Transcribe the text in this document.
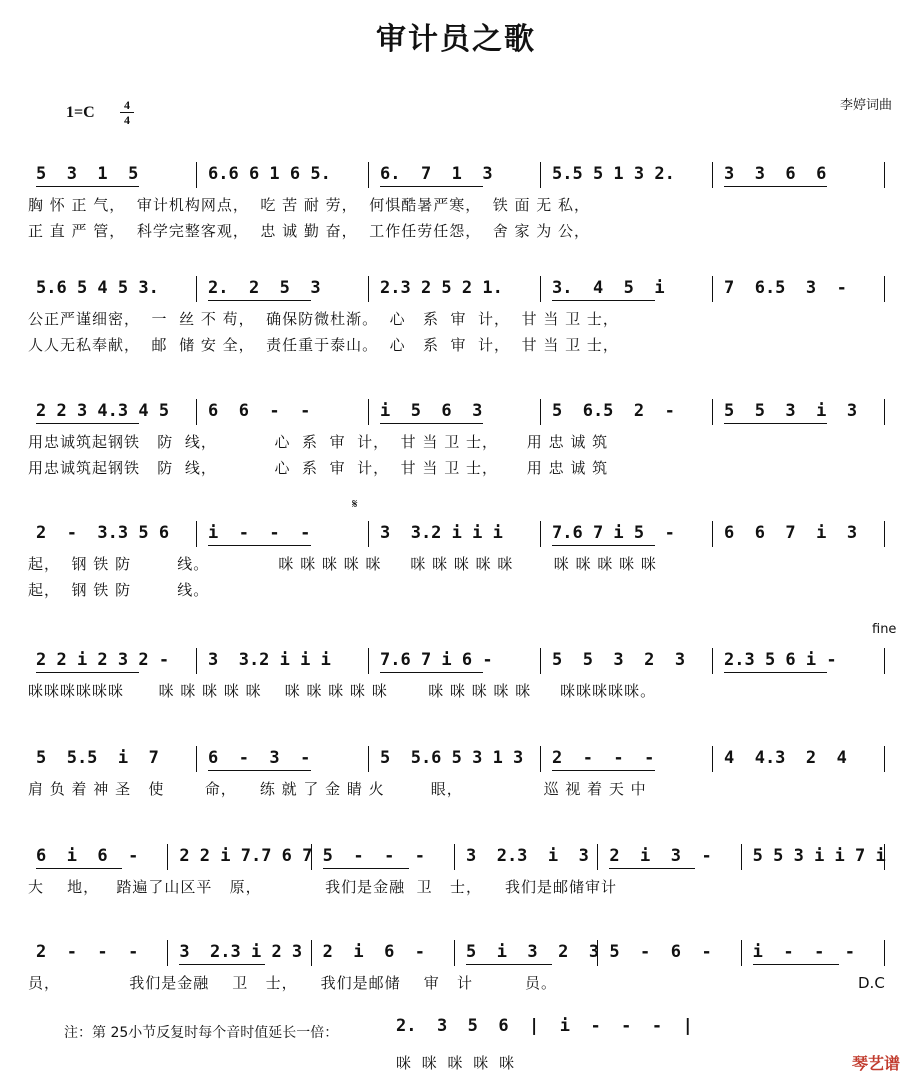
审计员之歌
1=C	4
4
李婷词曲
𝄋
fine
D.C
5  3  1  5	6.6 6 1 6 5.	6.  7  1  3	5.5 5 1 3 2.	3  3  6  6
胸 怀 正 气，  审计机构网点，  吃 苦 耐 劳，  何惧酷暑严寒，  铁 面 无 私，
正 直 严 管，  科学完整客观，  忠 诚 勤 奋，  工作任劳任怨，  舍 家 为 公，
5.6 5 4 5 3.	2.  2  5  3	2.3 2 5 2 1.	3.  4  5  i	7  6.5  3  -
公正严谨细密，  一  丝 不 苟，  确保防微杜渐。  心   系  审  计，  甘 当 卫 士，
人人无私奉献，  邮  储 安 全，  责任重于泰山。  心   系  审  计，  甘 当 卫 士，
2 2 3 4.3 4 5 6  6  -  -	i  5  6  3	5  6.5  2  -	5  5  3  i  3
用忠诚筑起钢铁   防  线，          心  系  审  计，  甘 当 卫 士，     用 忠 诚 筑
用忠诚筑起钢铁   防  线，          心  系  审  计，  甘 当 卫 士，     用 忠 诚 筑
2  -  3.3 5 6 i  -  -  -	3  3.2 i i i	7.6 7 i 5  -	6  6  7  i  3
起，  钢 铁 防        线。            咪 咪 咪 咪 咪     咪 咪 咪 咪 咪       咪 咪 咪 咪 咪
起，  钢 铁 防        线。
2 2 i 2 3 2 - 3  3.2 i i i	7.6 7 i 6 -	5  5  3  2  3 2.3 5 6 i -
咪咪咪咪咪咪      咪 咪 咪 咪 咪    咪 咪 咪 咪 咪       咪 咪 咪 咪 咪     咪咪咪咪咪。
5  5.5  i  7	6  -  3  -	5  5.6 5 3 1 3 2  -  -  -	4  4.3  2  4
肩 负 着 神 圣   使       命，    练 就 了 金 睛 火        眼，              巡 视 着 天 中
6  i  6  - 2 2 i 7.7 6 7 5  -  -  - 3  2.3  i  3 2  i  3  - 5 5 3 i i 7 i
大    地，   踏遍了山区平   原，           我们是金融  卫   士，    我们是邮储审计
2  -  -  - 3  2.3 i 2 3 2  i  6  - 5  i  3  2  3 5  -  6  - i  -  -  -
员，            我们是金融    卫   士，    我们是邮储    审   计         员。
注：第 25小节反复时每个音时值延长一倍：	2.  3  5  6  |  i  -  -  -  |
咪 咪 咪 咪 咪	琴艺谱
